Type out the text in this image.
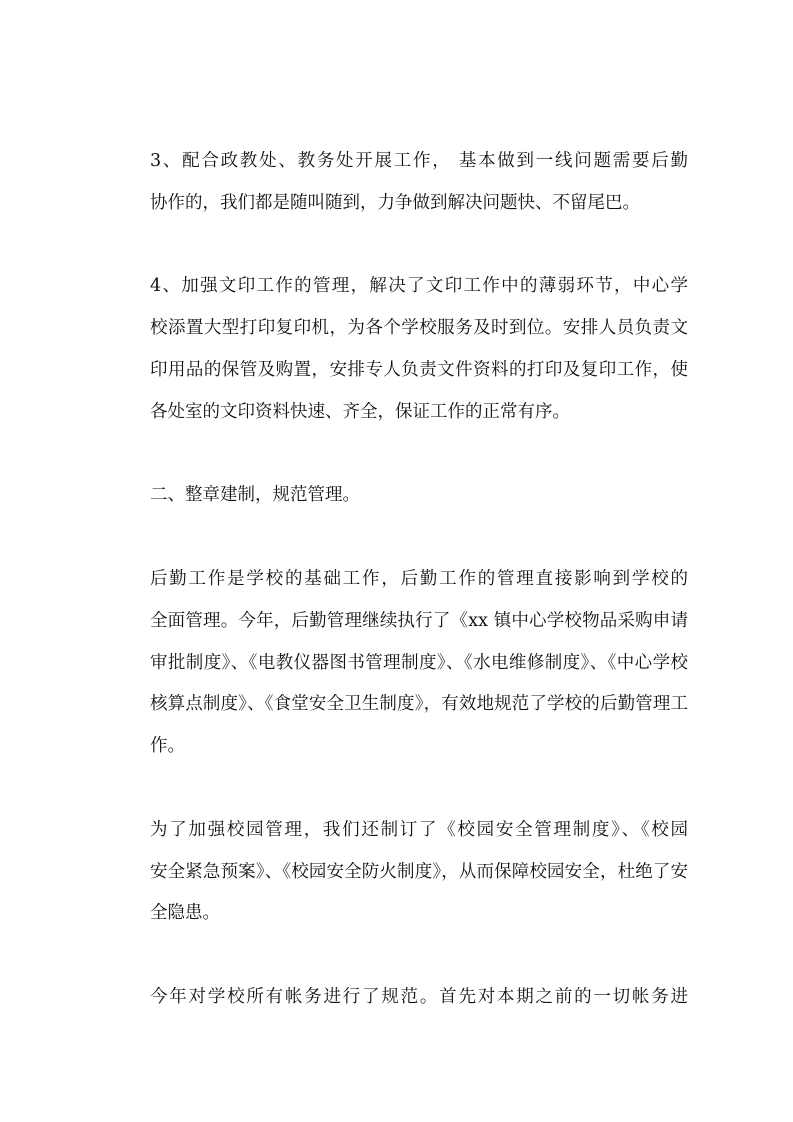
3、配合政教处、教务处开展工作， 基本做到一线问题需要后勤
协作的，我们都是随叫随到，力争做到解决问题快、不留尾巴。
4、加强文印工作的管理，解决了文印工作中的薄弱环节，中心学
校添置大型打印复印机，为各个学校服务及时到位。安排人员负责文
印用品的保管及购置，安排专人负责文件资料的打印及复印工作，使
各处室的文印资料快速、齐全，保证工作的正常有序。
二、整章建制，规范管理。
后勤工作是学校的基础工作，后勤工作的管理直接影响到学校的
全面管理。今年，后勤管理继续执行了《xx 镇中心学校物品采购申请
审批制度》、《电教仪器图书管理制度》、《水电维修制度》、《中心学校
核算点制度》、《食堂安全卫生制度》，有效地规范了学校的后勤管理工
作。
为了加强校园管理，我们还制订了《校园安全管理制度》、《校园
安全紧急预案》、《校园安全防火制度》，从而保障校园安全，杜绝了安
全隐患。
今年对学校所有帐务进行了规范。首先对本期之前的一切帐务进
